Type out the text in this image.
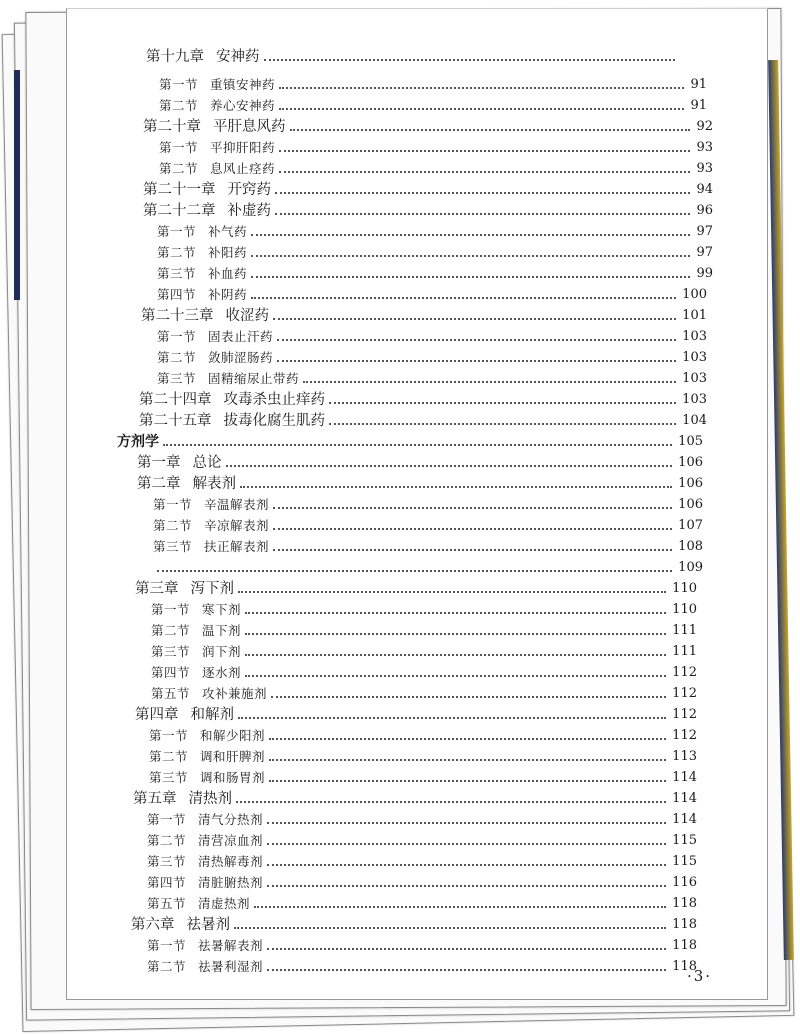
第十九章 安神药
第一节 重镇安神药	91
第二节 养心安神药	91
第二十章 平肝息风药	92
第一节 平抑肝阳药	93
第二节 息风止痉药	93
第二十一章 开窍药	94
第二十二章 补虚药	96
第一节 补气药	97
第二节 补阳药	97
第三节 补血药	99
第四节 补阴药	100
第二十三章 收涩药	101
第一节 固表止汗药	103
第二节 敛肺涩肠药	103
第三节 固精缩尿止带药	103
第二十四章 攻毒杀虫止痒药	103
第二十五章 拔毒化腐生肌药	104
方剂学	105
第一章 总论	106
第二章 解表剂	106
第一节 辛温解表剂	106
第二节 辛凉解表剂	107
第三节 扶正解表剂	108
109
第三章 泻下剂	110
第一节 寒下剂	110
第二节 温下剂	111
第三节 润下剂	111
第四节 逐水剂	112
第五节 攻补兼施剂	112
第四章 和解剂	112
第一节 和解少阳剂	112
第二节 调和肝脾剂	113
第三节 调和肠胃剂	114
第五章 清热剂	114
第一节 清气分热剂	114
第二节 清营凉血剂	115
第三节 清热解毒剂	115
第四节 清脏腑热剂	116
第五节 清虚热剂	118
第六章 祛暑剂	118
第一节 祛暑解表剂	118
第二节 祛暑利湿剂	118
·3·
